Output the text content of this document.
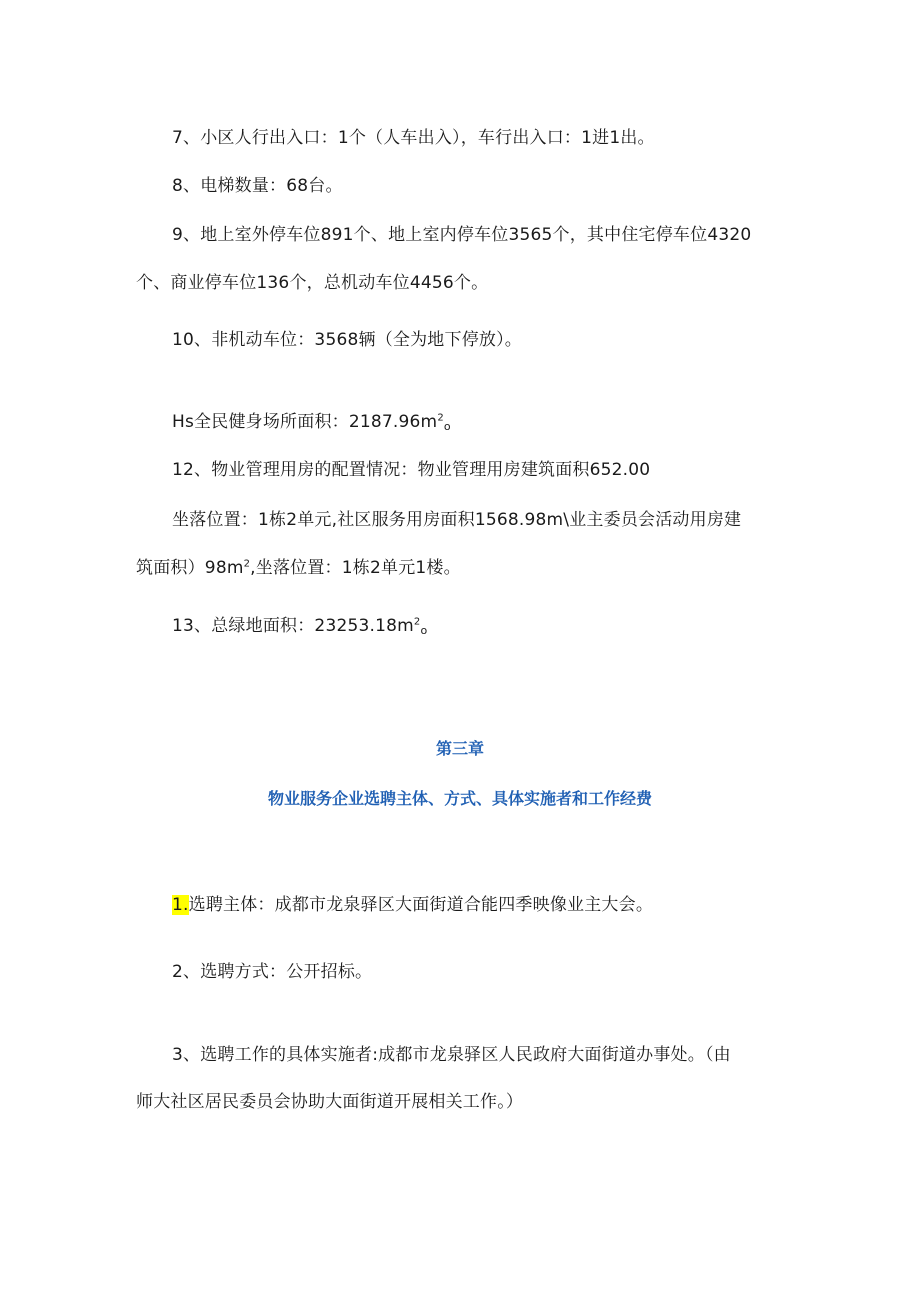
7、小区人行出入口：1个（人车出入），车行出入口：1进1出。
8、电梯数量：68台。
9、地上室外停车位891个、地上室内停车位3565个，其中住宅停车位4320
个、商业停车位136个，总机动车位4456个。
10、非机动车位：3568辆（全为地下停放）。
Hs全民健身场所面积：$2187.96m^2_o$
12、物业管理用房的配置情况：物业管理用房建筑面积652.00
坐落位置：1栋2单元,社区服务用房面积1568.98m\业主委员会活动用房建
筑面积）$98m^2$,坐落位置：1栋2单元1楼。
13、总绿地面积：$23253.18m^2_o$
第三章
物业服务企业选聘主体、方式、具体实施者和工作经费
1.选聘主体：成都市龙泉驿区大面街道合能四季映像业主大会。
2、选聘方式：公开招标。
3、选聘工作的具体实施者:成都市龙泉驿区人民政府大面街道办事处。（由
师大社区居民委员会协助大面街道开展相关工作。）
